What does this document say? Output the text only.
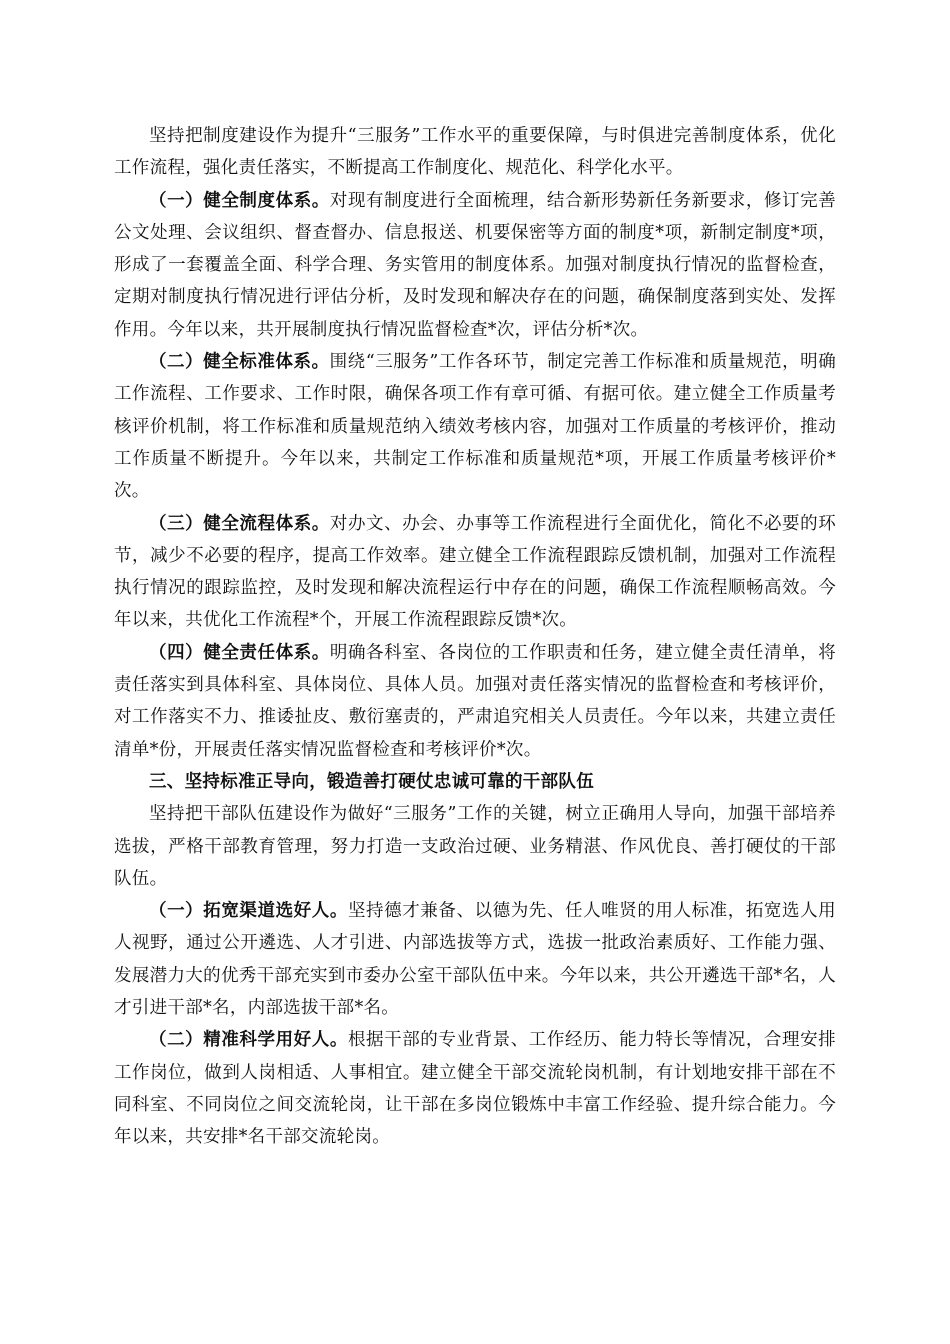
坚持把制度建设作为提升“三服务”工作水平的重要保障，与时俱进完善制度体系，优化工作流程，强化责任落实，不断提高工作制度化、规范化、科学化水平。

（一）健全制度体系。对现有制度进行全面梳理，结合新形势新任务新要求，修订完善公文处理、会议组织、督查督办、信息报送、机要保密等方面的制度*项，新制定制度*项，形成了一套覆盖全面、科学合理、务实管用的制度体系。加强对制度执行情况的监督检查，定期对制度执行情况进行评估分析，及时发现和解决存在的问题，确保制度落到实处、发挥作用。今年以来，共开展制度执行情况监督检查*次，评估分析*次。

（二）健全标准体系。围绕“三服务”工作各环节，制定完善工作标准和质量规范，明确工作流程、工作要求、工作时限，确保各项工作有章可循、有据可依。建立健全工作质量考核评价机制，将工作标准和质量规范纳入绩效考核内容，加强对工作质量的考核评价，推动工作质量不断提升。今年以来，共制定工作标准和质量规范*项，开展工作质量考核评价*次。

（三）健全流程体系。对办文、办会、办事等工作流程进行全面优化，简化不必要的环节，减少不必要的程序，提高工作效率。建立健全工作流程跟踪反馈机制，加强对工作流程执行情况的跟踪监控，及时发现和解决流程运行中存在的问题，确保工作流程顺畅高效。今年以来，共优化工作流程*个，开展工作流程跟踪反馈*次。

（四）健全责任体系。明确各科室、各岗位的工作职责和任务，建立健全责任清单，将责任落实到具体科室、具体岗位、具体人员。加强对责任落实情况的监督检查和考核评价，对工作落实不力、推诿扯皮、敷衍塞责的，严肃追究相关人员责任。今年以来，共建立责任清单*份，开展责任落实情况监督检查和考核评价*次。

三、坚持标准正导向，锻造善打硬仗忠诚可靠的干部队伍

坚持把干部队伍建设作为做好“三服务”工作的关键，树立正确用人导向，加强干部培养选拔，严格干部教育管理，努力打造一支政治过硬、业务精湛、作风优良、善打硬仗的干部队伍。

（一）拓宽渠道选好人。坚持德才兼备、以德为先、任人唯贤的用人标准，拓宽选人用人视野，通过公开遴选、人才引进、内部选拔等方式，选拔一批政治素质好、工作能力强、发展潜力大的优秀干部充实到市委办公室干部队伍中来。今年以来，共公开遴选干部*名，人才引进干部*名，内部选拔干部*名。

（二）精准科学用好人。根据干部的专业背景、工作经历、能力特长等情况，合理安排工作岗位，做到人岗相适、人事相宜。建立健全干部交流轮岗机制，有计划地安排干部在不同科室、不同岗位之间交流轮岗，让干部在多岗位锻炼中丰富工作经验、提升综合能力。今年以来，共安排*名干部交流轮岗。
